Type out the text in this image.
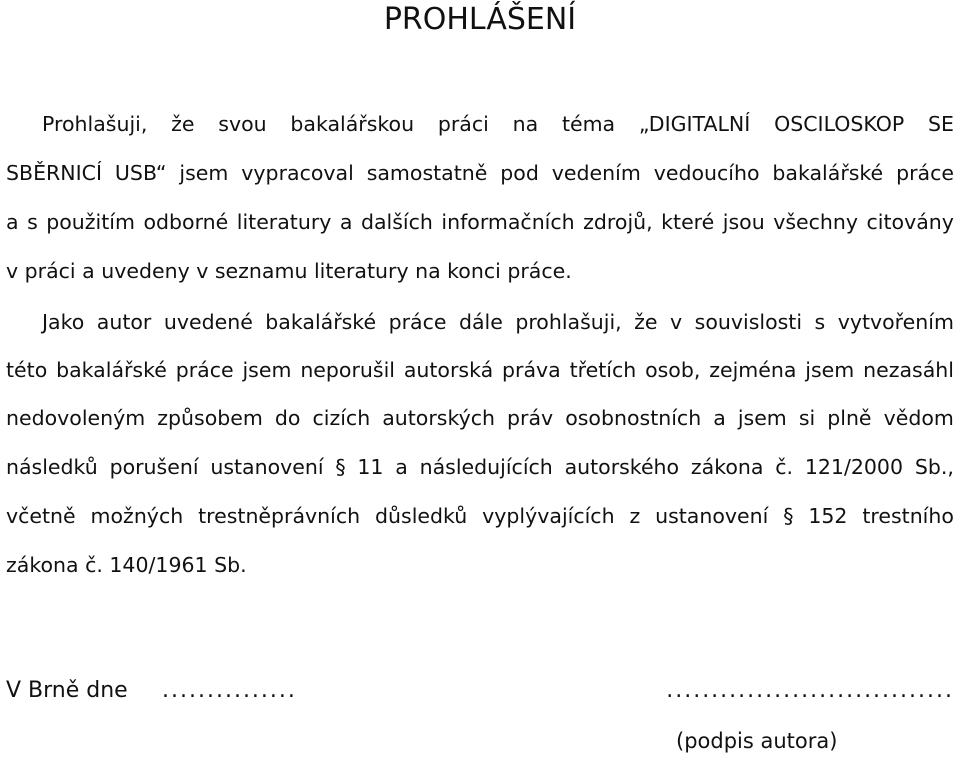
PROHLÁŠENÍ
Prohlašuji, že svou bakalářskou práci na téma „DIGITALNÍ OSCILOSKOP SE
SBĚRNICÍ USB“ jsem vypracoval samostatně pod vedením vedoucího bakalářské práce
a s použitím odborné literatury a dalších informačních zdrojů, které jsou všechny citovány
v práci a uvedeny v seznamu literatury na konci práce.
Jako autor uvedené bakalářské práce dále prohlašuji, že v souvislosti s vytvořením
této bakalářské práce jsem neporušil autorská práva třetích osob, zejména jsem nezasáhl
nedovoleným způsobem do cizích autorských práv osobnostních a jsem si plně vědom
následků porušení ustanovení § 11 a následujících autorského zákona č. 121/2000 Sb.,
včetně možných trestněprávních důsledků vyplývajících z ustanovení § 152 trestního
zákona č. 140/1961 Sb.
V Brně dne ...............	................................
(podpis autora)
